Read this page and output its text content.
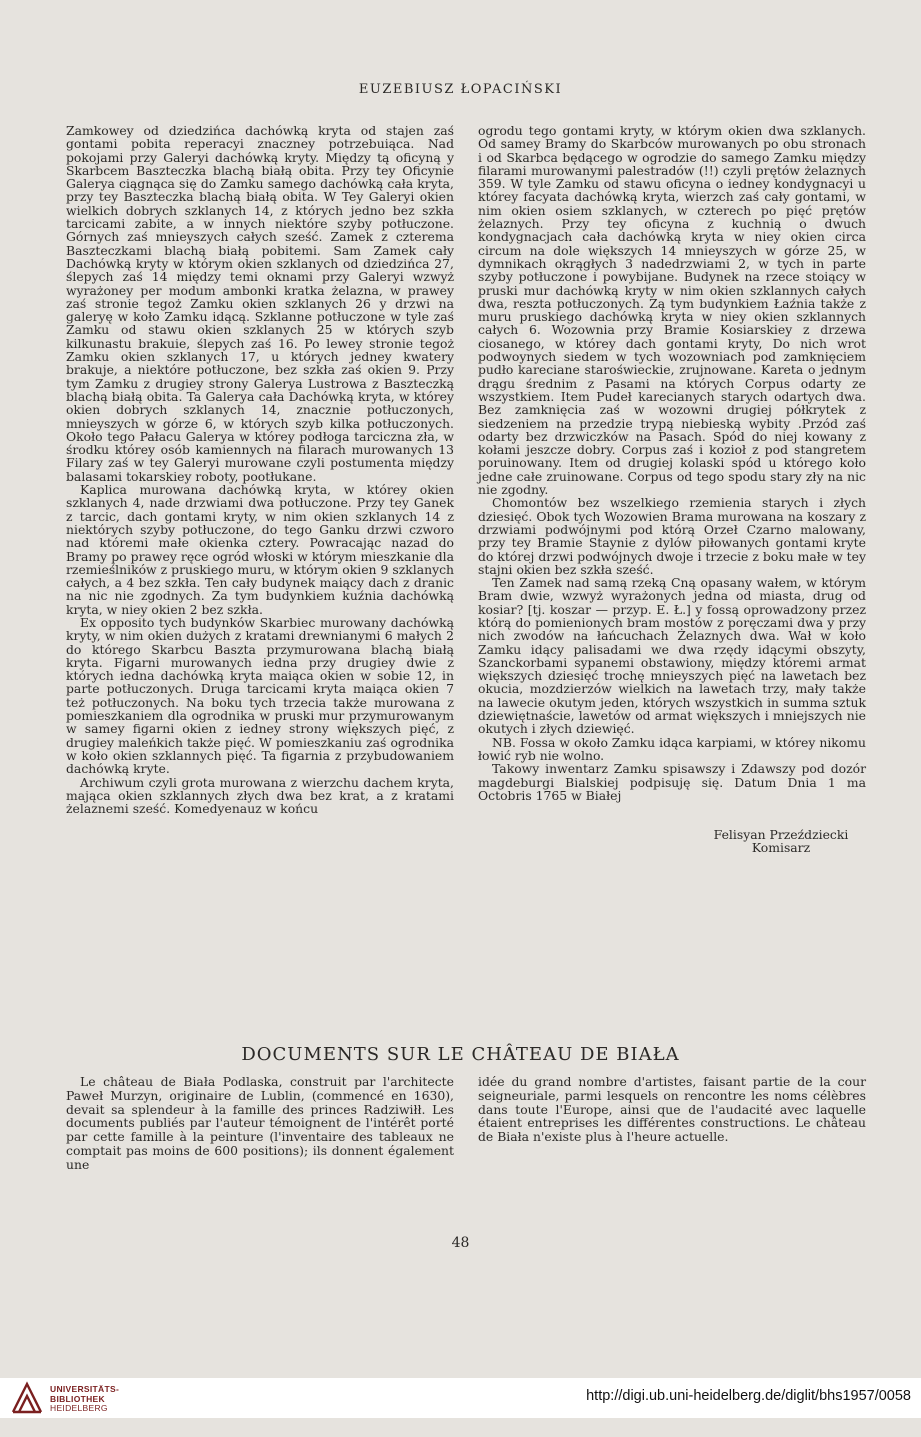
EUZEBIUSZ ŁOPACIŃSKI

Zamkowey od dziedzińca dachówką kryta od stajen zaś gontami pobita reperacyi znaczney potrzebuiąca. Nad pokojami przy Galeryi dachówką kryty. Między tą oficyną y Skarbcem Baszteczka blachą białą obita. Przy tey Oficynie Galerya ciągnąca się do Zamku samego dachówką cała kryta, przy tey Baszteczka blachą białą obita. W Tey Galeryi okien wielkich dobrych szklanych 14, z których jedno bez szkła tarcicami zabite, a w innych niektóre szyby potłuczone. Górnych zaś mnieyszych całych sześć. Zamek z czterema Baszteczkami blachą białą pobitemi. Sam Zamek cały Dachówką kryty w którym okien szklanych od dziedzińca 27, ślepych zaś 14 między temi oknami przy Galeryi wzwyż wyrażoney per modum ambonki kratka żelazna, w prawey zaś stronie tegoż Zamku okien szklanych 26 y drzwi na galeryę w koło Zamku idącą. Szklanne potłuczone w tyle zaś Zamku od stawu okien szklanych 25 w których szyb kilkunastu brakuie, ślepych zaś 16. Po lewey stronie tegoż Zamku okien szklanych 17, u których jedney kwatery brakuje, a niektóre potłuczone, bez szkła zaś okien 9. Przy tym Zamku z drugiey strony Galerya Lustrowa z Baszteczką blachą białą obita. Ta Galerya cała Dachówką kryta, w którey okien dobrych szklanych 14, znacznie potłuczonych, mnieyszych w górze 6, w których szyb kilka potłuczonych. Około tego Pałacu Galerya w którey podłoga tarciczna zła, w środku którey osób kamiennych na filarach murowanych 13 Filary zaś w tey Galeryi murowane czyli postumenta między balasami tokarskiey roboty, pootłukane.

Kaplica murowana dachówką kryta, w którey okien szklanych 4, nade drzwiami dwa potłuczone. Przy tey Ganek z tarcic, dach gontami kryty, w nim okien szklanych 14 z niektórych szyby potłuczone, do tego Ganku drzwi czworo nad któremi małe okienka cztery. Powracając nazad do Bramy po prawey ręce ogród włoski w którym mieszkanie dla rzemieślników z pruskiego muru, w którym okien 9 szklanych całych, a 4 bez szkła. Ten cały budynek maiący dach z dranic na nic nie zgodnych. Za tym budynkiem kuźnia dachówką kryta, w niey okien 2 bez szkła.

Ex opposito tych budynków Skarbiec murowany dachówką kryty, w nim okien dużych z kratami drewnianymi 6 małych 2 do którego Skarbcu Baszta przymurowana blachą białą kryta. Figarni murowanych iedna przy drugiey dwie z których iedna dachówką kryta maiąca okien w sobie 12, in parte potłuczonych. Druga tarcicami kryta maiąca okien 7 też potłuczonych. Na boku tych trzecia także murowana z pomieszkaniem dla ogrodnika w pruski mur przymurowanym w samey figarni okien z iedney strony większych pięć, z drugiey maleńkich także pięć. W pomieszkaniu zaś ogrodnika w koło okien szklannych pięć. Ta figarnia z przybudowaniem dachówką kryte.

Archiwum czyli grota murowana z wierzchu dachem kryta, mająca okien szklannych złych dwa bez krat, a z kratami żelaznemi sześć. Komedyenauz w końcu

ogrodu tego gontami kryty, w którym okien dwa szklanych. Od samey Bramy do Skarbców murowanych po obu stronach i od Skarbca będącego w ogrodzie do samego Zamku między filarami murowanymi palestradów (!!) czyli prętów żelaznych 359. W tyle Zamku od stawu oficyna o iedney kondygnacyi u którey facyata dachówką kryta, wierzch zaś cały gontami, w nim okien osiem szklanych, w czterech po pięć prętów żelaznych. Przy tey oficyna z kuchnią o dwuch kondygnacjach cała dachówką kryta w niey okien circa circum na dole większych 14 mnieyszych w górze 25, w dymnikach okrągłych 3 nadedrzwiami 2, w tych in parte szyby potłuczone i powybijane. Budynek na rzece stoiący w pruski mur dachówką kryty w nim okien szklannych całych dwa, reszta potłuczonych. Zą tym budynkiem Łaźnia także z muru pruskiego dachówką kryta w niey okien szklannych całych 6. Wozownia przy Bramie Kosiarskiey z drzewa ciosanego, w którey dach gontami kryty, Do nich wrot podwoynych siedem w tych wozowniach pod zamknięciem pudło kareciane staroświeckie, zrujnowane. Kareta o jednym drągu średnim z Pasami na których Corpus odarty ze wszystkiem. Item Pudeł karecianych starych odartych dwa. Bez zamknięcia zaś w wozowni drugiej półkrytek z siedzeniem na przedzie trypą niebieską wybity .Przód zaś odarty bez drzwiczków na Pasach. Spód do niej kowany z kołami jeszcze dobry. Corpus zaś i kozioł z pod stangretem poruinowany. Item od drugiej kolaski spód u którego koło jedne całe zruinowane. Corpus od tego spodu stary zły na nic nie zgodny.

Chomontów bez wszelkiego rzemienia starych i złych dziesięć. Obok tych Wozowien Brama murowana na koszary z drzwiami podwójnymi pod którą Orzeł Czarno malowany, przy tey Bramie Staynie z dylów piłowanych gontami kryte do której drzwi podwójnych dwoje i trzecie z boku małe w tey stajni okien bez szkła sześć.

Ten Zamek nad samą rzeką Cną opasany wałem, w którym Bram dwie, wzwyż wyrażonych jedna od miasta, drug od kosiar? [tj. koszar — przyp. E. Ł.] y fossą oprowadzony przez którą do pomienionych bram mostów z poręczami dwa y przy nich zwodów na łańcuchach Żelaznych dwa. Wał w koło Zamku idący palisadami we dwa rzędy idącymi obszyty, Szanckorbami sypanemi obstawiony, między któremi armat większych dziesięć trochę mnieyszych pięć na lawetach bez okucia, mozdzierzów wielkich na lawetach trzy, mały także na lawecie okutym jeden, których wszystkich in summa sztuk dziewiętnaście, lawetów od armat większych i mniejszych nie okutych i złych dziewięć.

NB. Fossa w około Zamku idąca karpiami, w którey nikomu łowić ryb nie wolno.

Takowy inwentarz Zamku spisawszy i Zdawszy pod dozór magdeburgi Bialskiej podpisuję się. Datum Dnia 1 ma Octobris 1765 w Białej

Felisyan Przeździecki
Komisarz

DOCUMENTS SUR LE CHÂTEAU DE BIAŁA

Le château de Biała Podlaska, construit par l'architecte Paweł Murzyn, originaire de Lublin, (commencé en 1630), devait sa splendeur à la famille des princes Radziwiłł. Les documents publiés par l'auteur témoignent de l'intérêt porté par cette famille à la peinture (l'inventaire des tableaux ne comptait pas moins de 600 positions); ils donnent également une

idée du grand nombre d'artistes, faisant partie de la cour seigneuriale, parmi lesquels on rencontre les noms célèbres dans toute l'Europe, ainsi que de l'audacité avec laquelle étaient entreprises les différentes constructions. Le château de Biała n'existe plus à l'heure actuelle.

48
UNIVERSITÄTS-
BIBLIOTHEK
HEIDELBERG
http://digi.ub.uni-heidelberg.de/diglit/bhs1957/0058
